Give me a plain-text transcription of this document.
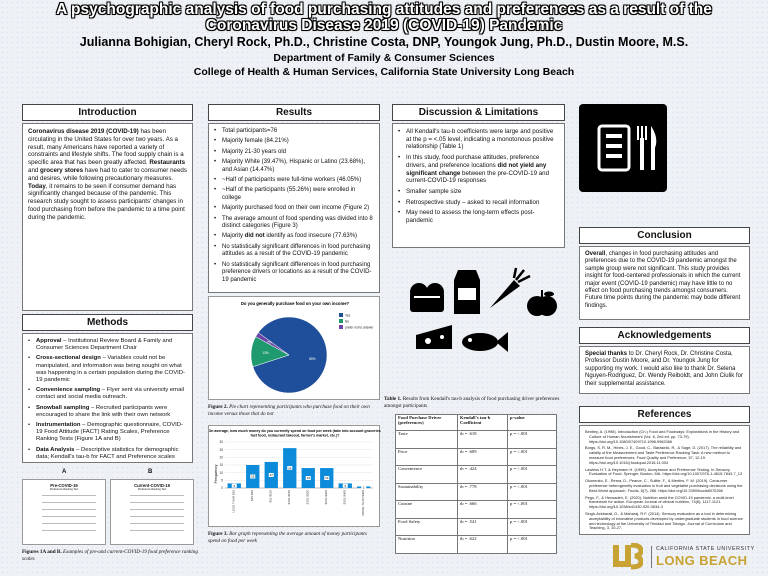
A psychographic analysis of food purchasing attitudes and preferences as a result of the
Coronavirus Disease 2019 (COVID-19) Pandemic
Julianna Bohigian, Cheryl Rock, Ph.D., Christine Costa, DNP, Youngok Jung, Ph.D., Dustin Moore, M.S.
Department of Family & Consumer Sciences
College of Health & Human Services, California State University Long Beach
Introduction
Coronavirus disease 2019 (COVID-19) has been circulating in the United States for over two years. As a result, many Americans have reported a variety of constraints and lifestyle shifts. The food supply chain is a specific area that has been greatly affected. Restaurants and grocery stores have had to cater to consumer needs and desires, while following precautionary measures. Today, it remains to be seen if consumer demand has significantly changed because of the pandemic. This research study sought to assess participants' changes in food purchasing from before the pandemic to a time point during the pandemic.
Methods
• Approval – Institutional Review Board & Family and Consumer Sciences Department Chair
• Cross-sectional design – Variables could not be manipulated, and information was being sought on what was happening in a certain population during the COVID-19 pandemic
• Convenience sampling – Flyer sent via university email contact and social media outreach.
• Snowball sampling – Recruited participants were encouraged to share the link with their own network
• Instrumentation – Demographic questionnaire, COVID-19 Food Attitude (FACT) Rating Scales, Preference Ranking Tests (Figure 1A and B)
• Data Analysis – Descriptive statistics for demographic data; Kendall's tau-b for FACT and Preference scales
A	B
Pre-COVID-19
Preference Ranking Test
Current-COVID-19
Preference Ranking Test
Figures 1A and B. Examples of pre-and current-COVID-19 food preference ranking scales
Results
• Total participants=76
• Majority female (84.21%)
• Majority 21-30 years old
• Majority White (39.47%), Hispanic or Latino (23.68%), and Asian (14.47%)
• ~Half of participants were full-time workers (46.05%)
• ~Half of the participants (55.26%) were enrolled in college
• Majority purchased food on their own income (Figure 2)
• The average amount of food spending was divided into 8 distinct categories (Figure 3)
• Majority did not identify as food insecure (77.63%)
• No statistically significant differences in food purchasing attitudes as a result of the COVID-19 pandemic
• No statistically significant differences in food purchasing preference drivers or locations as a result of the COVID-19 pandemic
Do you generally purchase food on your own income?
85%
13%
2%
Yes
No
prefer not to answer
Figure 2. Pie chart representing participants who purchase food on their own income versus those that do not
On average, how much money do you currently spend on food per week (take into account groceries,
fast food, restaurant takeout, farmer's market, etc.)?
Frequency
0
5
10
15
20
25
30
3
LESS THAN $25
15
$25-$50
17
$51-$100
26
$101-$150
13
$151-$200
13
$201-$300
3
$301-$400
1
MORE THAN $400
Figure 3. Bar graph representing the average amount of money participants spend on food per week
Discussion & Limitations
• All Kendall's tau-b coefficients were large and positive at the p = <.05 level, indicating a monotonous positive relationship (Table 1)
• In this study, food purchase attitudes, preference drivers, and preference locations did not yield any significant change between the pre-COVID-19 and current-COVID-19 responses
• Smaller sample size
• Retrospective study – asked to recall information
• May need to assess the long-term effects post-pandemic
Conclusion
Overall, changes in food purchasing attitudes and preferences due to the COVID-19 pandemic amongst the sample group were not significant. This study provides insight for food-centered professionals in which the current major event (COVID-19 pandemic) may have little to no effect on food purchasing trends amongst consumers. Future time points during the pandemic may bode different findings.
Acknowledgements
Special thanks to Dr. Cheryl Rock, Dr. Christine Costa, Professor Dustin Moore, and Dr. Youngok Jung for supporting my work. I would also like to thank Dr. Selena Nguyen-Rodriguez, Dr. Wendy Reiboldt, and John Ciulik for their supplemental assistance.
References

Bentley, A. (1998). Introduction (Ch.) Food and Foodways: Explorations in the History and Culture of Human Nourishment (Vol. 6, 2nd ed. pp. 73-79). https://doi.org/10.1080/07409710.1998.9962066

Borgs, S. R. M., Hines, J. E., Good, C., Barasinki, R., & Sage, D. (2017). The reliability and validity of the Measurement and Taste Preference Ranking Task: A new method to measure food preferences. Food Quality and Preference, 57, 12-19. https://doi.org/10.1016/j.foodqual.2016.11.004

Lawless H.T. & Heymann H. (1999). Acceptance and Preference Testing. In Sensory Evaluation of Food. Springer, Boston, MA. https://doi.org/10.1007/978-1-4615-7843-7_13

Okonenko, E., Rema, D., Pearce, C., Sulitie, F., & Mertins, F. M. (2019). Consumer preference heterogeneity evaluation in fruit and vegetable purchasing decisions using the Best-Worst approach. Foods, 8(7), 266. https://doi.org/10.3390/foods8070266

Pego, F., & Hensadeh, E. (2020). Nutrition amid the COVID-19 pandemic: a multi-level framework for action. European Journal of clinical nutrition, 74(8), 1117-1121. https://doi.org/10.1038/s41430-020-0634-3

Singh-Ackbarali, D., & Maharaj, R.F. (2014). Sensory evaluation as a tool in determining acceptability of innovative products developed by undergraduate students in food science and technology at the University of Trinidad and Tobago. Journal of Curriculum and Teaching, 3, 10-27.

Table 1. Results from Kendall's tau-b analysis of food purchasing driver preferences amongst participants
Food Purchase Driver (preferences)	Kendall's tau-b Coefficient	p-value
Taste	tb = .618	p = <.001
Price	tb = .609	p = <.001
Convenience	tb = .424	p = <.001
Sustainability	tb = .778	p = <.001
Cuisine	tb = .666	p = <.001
Food Safety	tb = .541	p = <.001
Nutrition	tb = .622	p = <.001
CALIFORNIA STATE UNIVERSITY
LONG BEACH
